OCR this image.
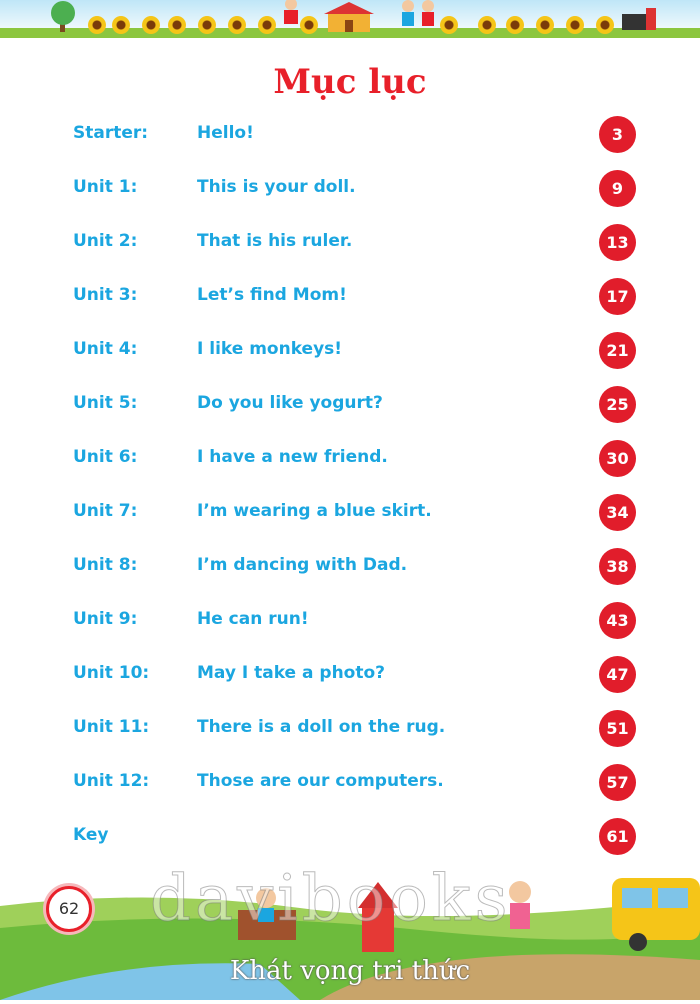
Mục lục
Starter:	Hello!	3
Unit 1:	This is your doll.	9
Unit 2:	That is his ruler.	13
Unit 3:	Let’s find Mom!	17
Unit 4:	I like monkeys!	21
Unit 5:	Do you like yogurt?	25
Unit 6:	I have a new friend.	30
Unit 7:	I’m wearing a blue skirt.	34
Unit 8:	I’m dancing with Dad.	38
Unit 9:	He can run!	43
Unit 10:	May I take a photo?	47
Unit 11:	There is a doll on the rug.	51
Unit 12:	Those are our computers.	57
Key	61
62 davibooks
Khát vọng tri thức
